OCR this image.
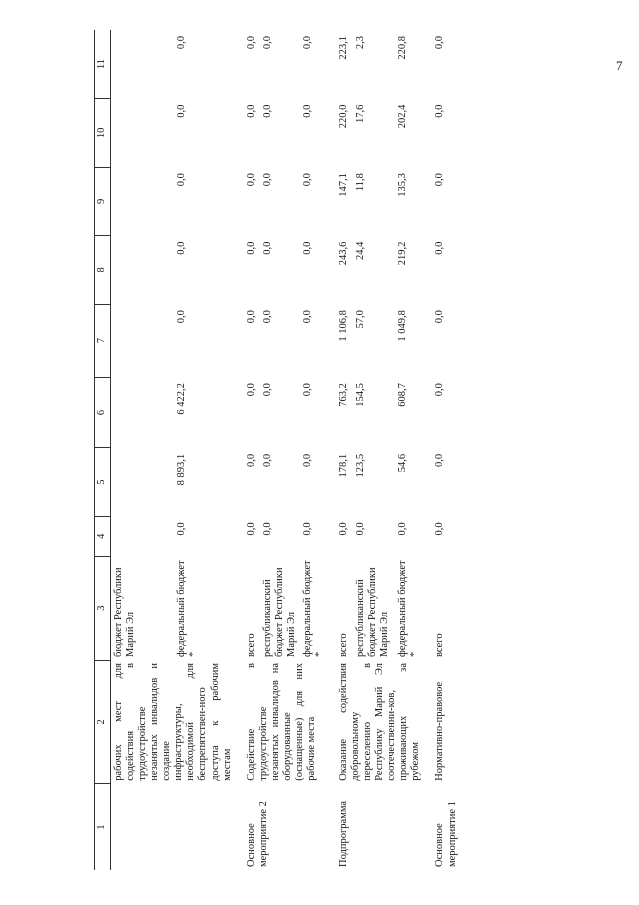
7
1	2	3	4	5	6	7	8	9	10	11
	рабочих мест для содействия в трудоустройстве незанятых инвалидов и создание инфраструктуры, необходимой для беспрепятствен-ного доступа к рабочим местам	бюджет Республики Марий Эл								
		федеральный бюджет *	0,0	8 893,1	6 422,2	0,0	0,0	0,0	0,0	0,0

Основное мероприятие 2	Содействие в трудоустройстве незанятых инвалидов на оборудованные (оснащенные) для них рабочие места	всего	0,0	0,0	0,0	0,0	0,0	0,0	0,0	0,0
		республиканский бюджет Республики Марий Эл	0,0	0,0	0,0	0,0	0,0	0,0	0,0	0,0
		федеральный бюджет *	0,0	0,0	0,0	0,0	0,0	0,0	0,0	0,0

Подпрограмма	Оказание содействия добровольному переселению в Республику Марий Эл соотечественни-ков, проживающих за рубежом	всего	0,0	178,1	763,2	1 106,8	243,6	147,1	220,0	223,1
		республиканский бюджет Республики Марий Эл	0,0	123,5	154,5	57,0	24,4	11,8	17,6	2,3
		федеральный бюджет *	0,0	54,6	608,7	1 049,8	219,2	135,3	202,4	220,8

Основное мероприятие 1	Нормативно-правовое	всего	0,0	0,0	0,0	0,0	0,0	0,0	0,0	0,0
